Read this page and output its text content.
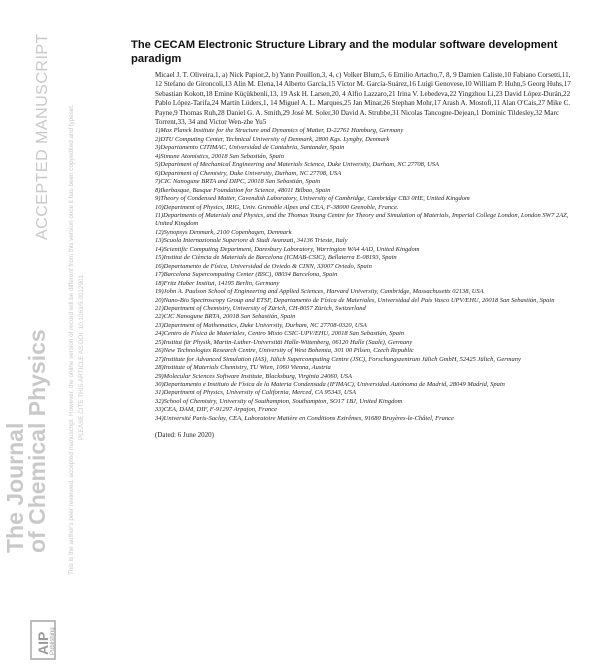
The Journal
of Chemical Physics
ACCEPTED MANUSCRIPT	This is the author's peer reviewed, accepted manuscript. However, the online version of record will be different from this version once it has been copyedited and typeset. PLEASE CITE THIS ARTICLE AS DOI: 10.1063/5.0012901
AIP Publishing
The CECAM Electronic Structure Library and the modular software development paradigm
Micael J. T. Oliveira,1, a) Nick Papior,2, b) Yann Pouillon,3, 4, c) Volker Blum,5, 6 Emilio Artacho,7, 8, 9 Damien Caliste,10 Fabiano Corsetti,11, 12 Stefano de Gironcoli,13 Alin M. Elena,14 Alberto García,15 Víctor M. García-Suárez,16 Luigi Genovese,10 William P. Huhn,5 Georg Huhs,17 Sebastian Kokott,18 Emine Küçükbenli,13, 19 Ask H. Larsen,20, 4 Alfio Lazzaro,21 Irina V. Lebedeva,22 Yingzhou Li,23 David López-Durán,22 Pablo López-Tarifa,24 Martin Lüders,1, 14 Miguel A. L. Marques,25 Jan Minar,26 Stephan Mohr,17 Arash A. Mostofi,11 Alan O'Cais,27 Mike C. Payne,9 Thomas Ruh,28 Daniel G. A. Smith,29 José M. Soler,30 David A. Strubbe,31 Nicolas Tancogne-Dejean,1 Dominic Tildesley,32 Marc Torrent,33, 34 and Victor Wen-zhe Yu5
1)Max Planck Institute for the Structure and Dynamics of Matter, D-22761 Hamburg, Germany
2)DTU Computing Center, Technical University of Denmark, 2800 Kgs. Lyngby, Denmark
3)Departamento CITIMAC, Universidad de Cantabria, Santander, Spain
4)Simune Atomistics, 20018 San Sebastián, Spain
5)Department of Mechanical Engineering and Materials Science, Duke University, Durham, NC 27708, USA
6)Department of Chemistry, Duke University, Durham, NC 27708, USA
7)CIC Nanogune BRTA and DIPC, 20018 San Sebastián, Spain
8)Ikerbasque, Basque Foundation for Science, 48011 Bilbao, Spain
9)Theory of Condensed Matter, Cavendish Laboratory, University of Cambridge, Cambridge CB3 0HE, United Kingdom
10)Department of Physics, IRIG, Univ. Grenoble Alpes and CEA, F-38000 Grenoble, France.
11)Departments of Materials and Physics, and the Thomas Young Centre for Theory and Simulation of Materials, Imperial College London, London SW7 2AZ, United Kingdom
12)Synopsys Denmark, 2100 Copenhagen, Denmark
13)Scuola Internazionale Superiore di Studi Avanzati, 34136 Trieste, Italy
14)Scientific Computing Department, Daresbury Laboratory, Warrington WA4 4AD, United Kingdom
15)Institut de Ciència de Materials de Barcelona (ICMAB-CSIC), Bellaterra E-08193, Spain
16)Departamento de Física, Universidad de Oviedo & CINN, 33007 Oviedo, Spain
17)Barcelona Supercomputing Center (BSC), 08034 Barcelona, Spain
18)Fritz Haber Institut, 14195 Berlin, Germany
19)John A. Paulson School of Engineering and Applied Sciences, Harvard University, Cambridge, Massachusetts 02138, USA
20)Nano-Bio Spectroscopy Group and ETSF, Departamento de Física de Materiales, Universidad del País Vasco UPV/EHU, 20018 San Sebastián, Spain
21)Department of Chemistry, University of Zürich, CH-8057 Zürich, Switzerland
22)CIC Nanogune BRTA, 20018 San Sebastián, Spain
23)Department of Mathematics, Duke University, Durham, NC 27708-0320, USA
24)Centro de Física de Materiales, Centro Mixto CSIC-UPV/EHU, 20018 San Sebastián, Spain
25)Institut für Physik, Martin-Luther-Universität Halle-Wittenberg, 06120 Halle (Saale), Germany
26)New Technologies Research Centre, University of West Bohemia, 301 00 Pilsen, Czech Republic
27)Institute for Advanced Simulation (IAS), Jülich Supercomputing Centre (JSC), Forschungszentrum Jülich GmbH, 52425 Jülich, Germany
28)Institute of Materials Chemistry, TU Wien, 1060 Vienna, Austria
29)Molecular Sciences Software Institute, Blacksburg, Virginia 24060, USA
30)Departamento e Instituto de Física de la Materia Condensada (IFIMAC), Universidad Autónoma de Madrid, 28049 Madrid, Spain
31)Department of Physics, University of California, Merced, CA 95343, USA
32)School of Chemistry, University of Southampton, Southampton, SO17 1BJ, United Kingdom
33)CEA, DAM, DIF, F-91297 Arpajon, France
34)Université Paris-Saclay, CEA, Laboratoire Matière en Conditions Extrêmes, 91680 Bruyères-le-Châtel, France
(Dated: 6 June 2020)
